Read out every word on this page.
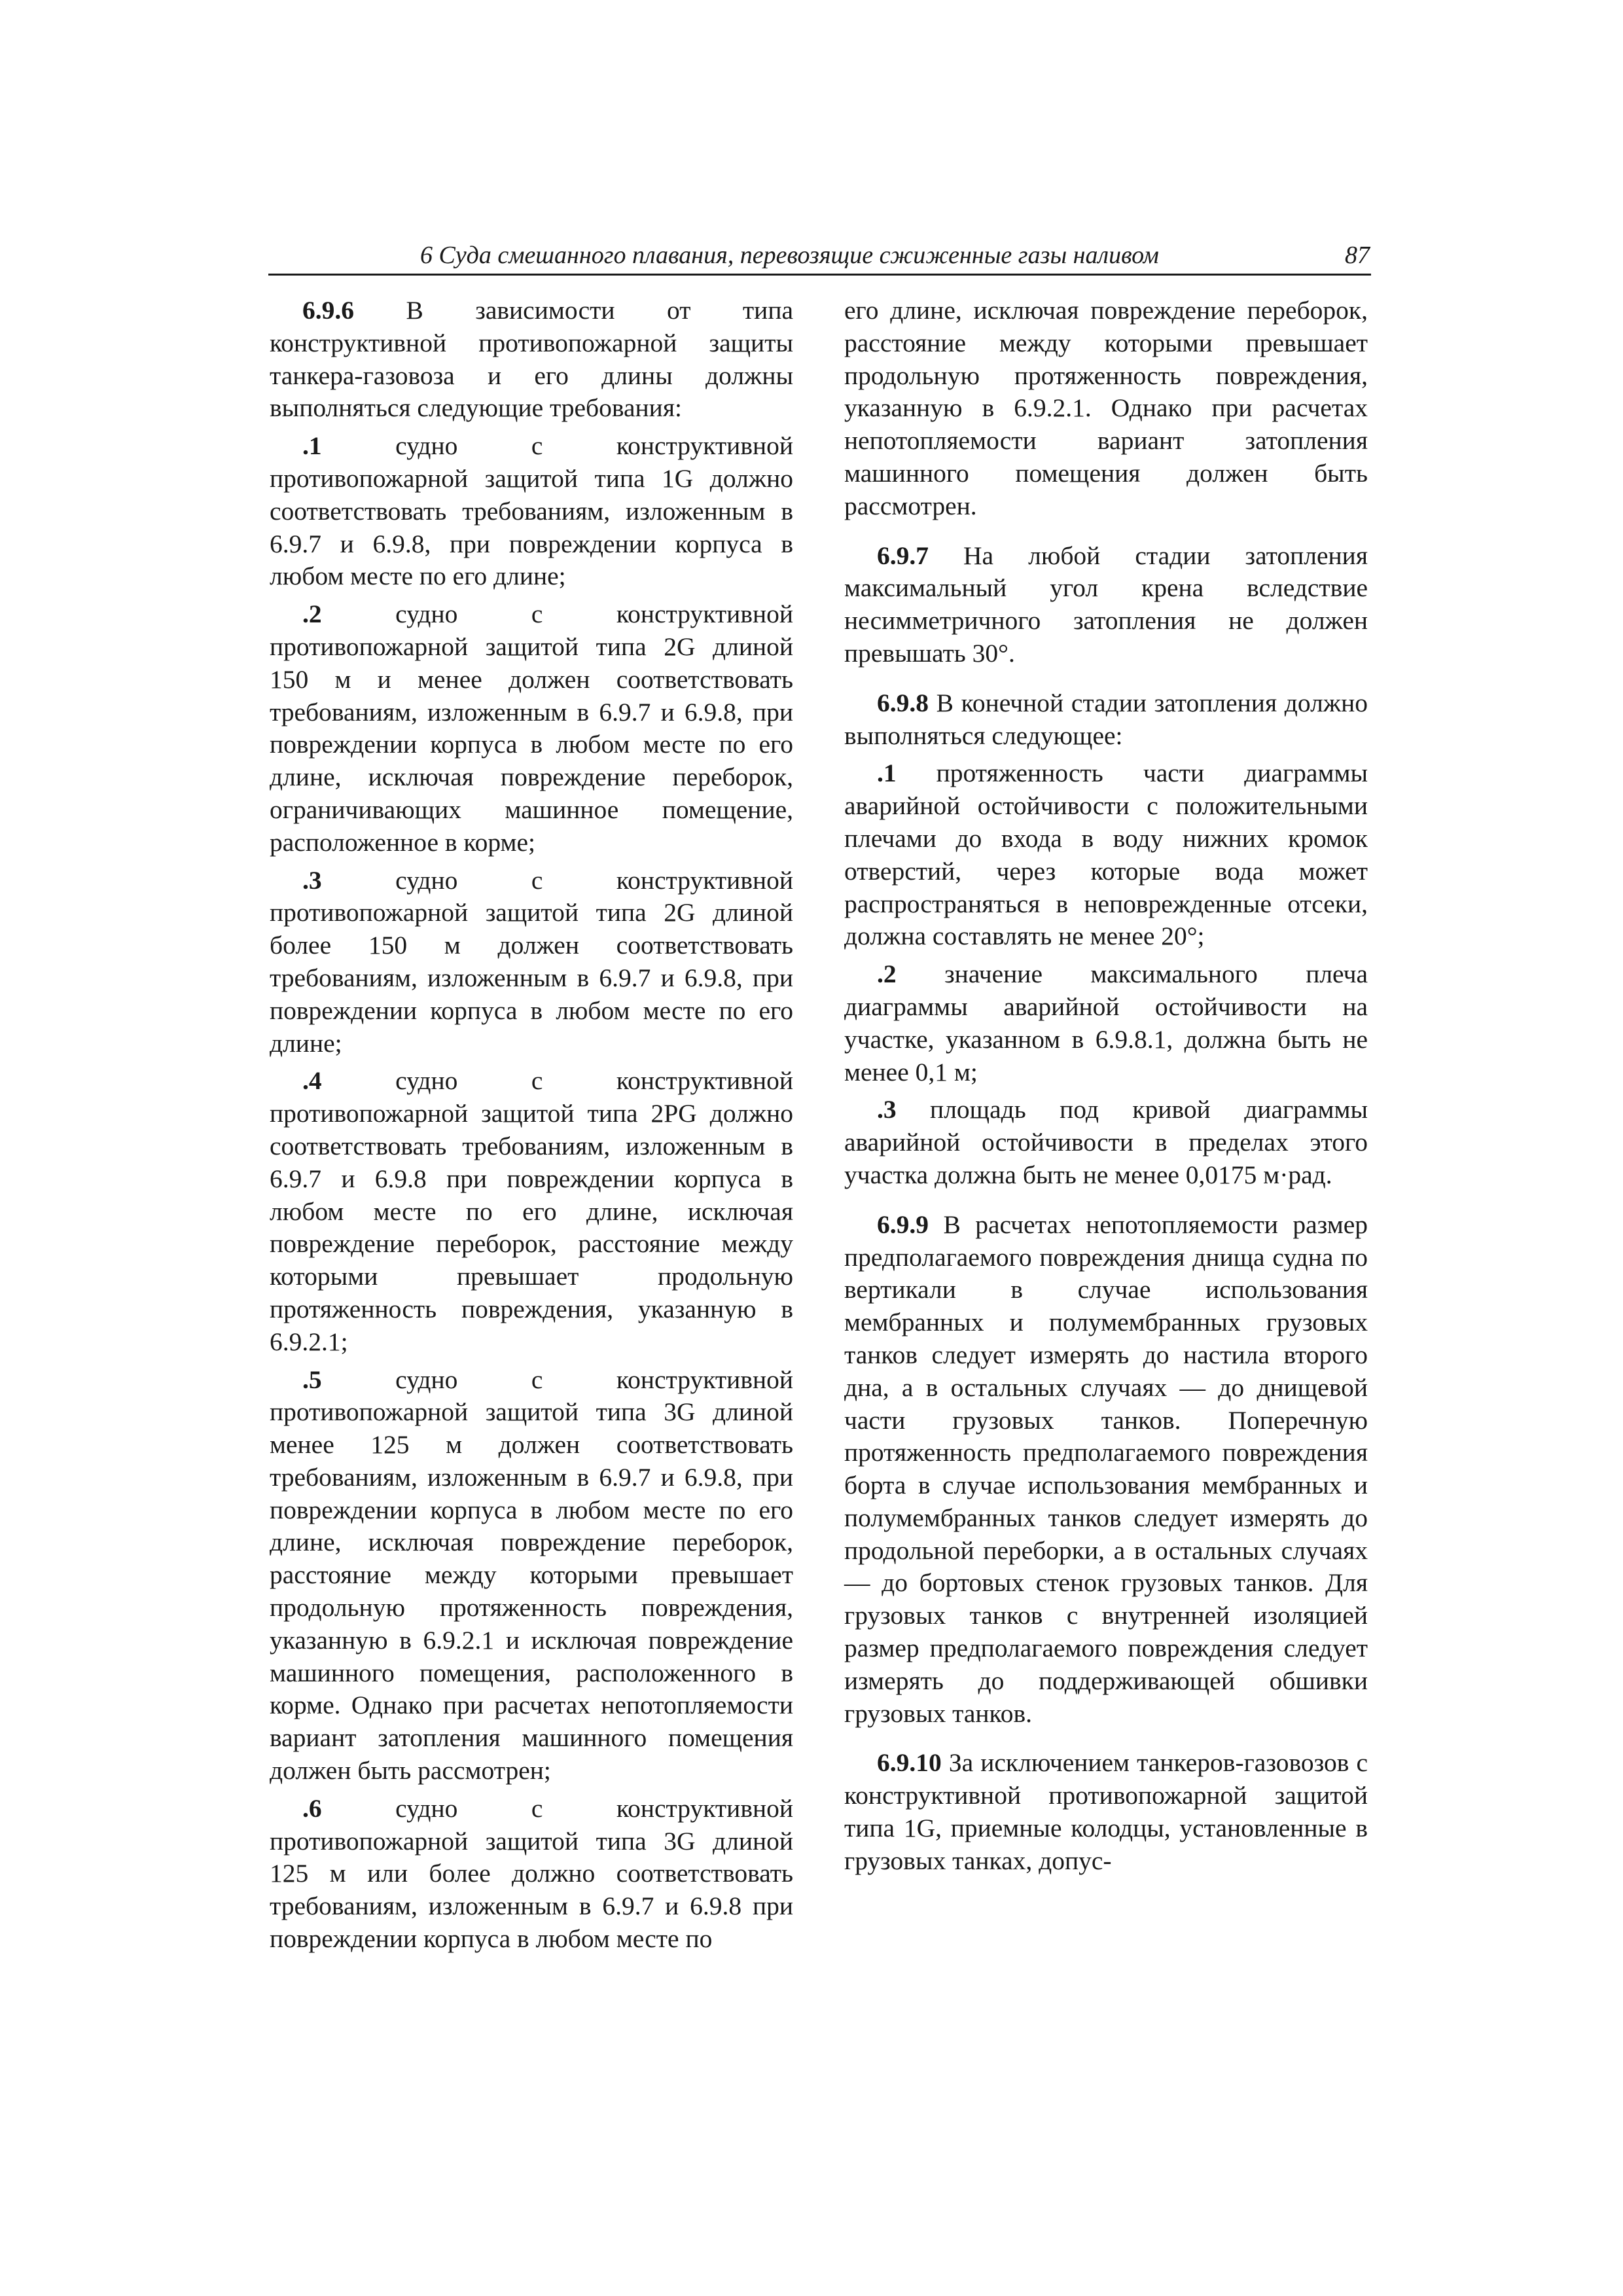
6 Суда смешанного плавания, перевозящие сжиженные газы наливом	87

6.9.6 В зависимости от типа конструктивной противопожарной защиты танкера-газовоза и его длины должны выполняться следующие требования:

.1 судно с конструктивной противопожарной защитой типа 1G должно соответствовать требованиям, изложенным в 6.9.7 и 6.9.8, при повреждении корпуса в любом месте по его длине;

.2 судно с конструктивной противопожарной защитой типа 2G длиной 150 м и менее должен соответствовать требованиям, изложенным в 6.9.7 и 6.9.8, при повреждении корпуса в любом месте по его длине, исключая повреждение переборок, ограничивающих машинное помещение, расположенное в корме;

.3 судно с конструктивной противопожарной защитой типа 2G длиной более 150 м должен соответствовать требованиям, изложенным в 6.9.7 и 6.9.8, при повреждении корпуса в любом месте по его длине;

.4 судно с конструктивной противопожарной защитой типа 2PG должно соответствовать требованиям, изложенным в 6.9.7 и 6.9.8 при повреждении корпуса в любом месте по его длине, исключая повреждение переборок, расстояние между которыми превышает продольную протяженность повреждения, указанную в 6.9.2.1;

.5 судно с конструктивной противопожарной защитой типа 3G длиной менее 125 м должен соответствовать требованиям, изложенным в 6.9.7 и 6.9.8, при повреждении корпуса в любом месте по его длине, исключая повреждение переборок, расстояние между которыми превышает продольную протяженность повреждения, указанную в 6.9.2.1 и исключая повреждение машинного помещения, расположенного в корме. Однако при расчетах непотопляемости вариант затопления машинного помещения должен быть рассмотрен;

.6 судно с конструктивной противопожарной защитой типа 3G длиной 125 м или более должно соответствовать требованиям, изложенным в 6.9.7 и 6.9.8 при повреждении корпуса в любом месте по

его длине, исключая повреждение переборок, расстояние между которыми превышает продольную протяженность повреждения, указанную в 6.9.2.1. Однако при расчетах непотопляемости вариант затопления машинного помещения должен быть рассмотрен.

6.9.7 На любой стадии затопления максимальный угол крена вследствие несимметричного затопления не должен превышать 30°.

6.9.8 В конечной стадии затопления должно выполняться следующее:

.1 протяженность части диаграммы аварийной остойчивости с положительными плечами до входа в воду нижних кромок отверстий, через которые вода может распространяться в неповрежденные отсеки, должна составлять не менее 20°;

.2 значение максимального плеча диаграммы аварийной остойчивости на участке, указанном в 6.9.8.1, должна быть не менее 0,1 м;

.3 площадь под кривой диаграммы аварийной остойчивости в пределах этого участка должна быть не менее 0,0175 м·рад.

6.9.9 В расчетах непотопляемости размер предполагаемого повреждения днища судна по вертикали в случае использования мембранных и полумембранных грузовых танков следует измерять до настила второго дна, а в остальных случаях — до днищевой части грузовых танков. Поперечную протяженность предполагаемого повреждения борта в случае использования мембранных и полумембранных танков следует измерять до продольной переборки, а в остальных случаях — до бортовых стенок грузовых танков. Для грузовых танков с внутренней изоляцией размер предполагаемого повреждения следует измерять до поддерживающей обшивки грузовых танков.

6.9.10 За исключением танкеров-газовозов с конструктивной противопожарной защитой типа 1G, приемные колодцы, установленные в грузовых танках, допус-
